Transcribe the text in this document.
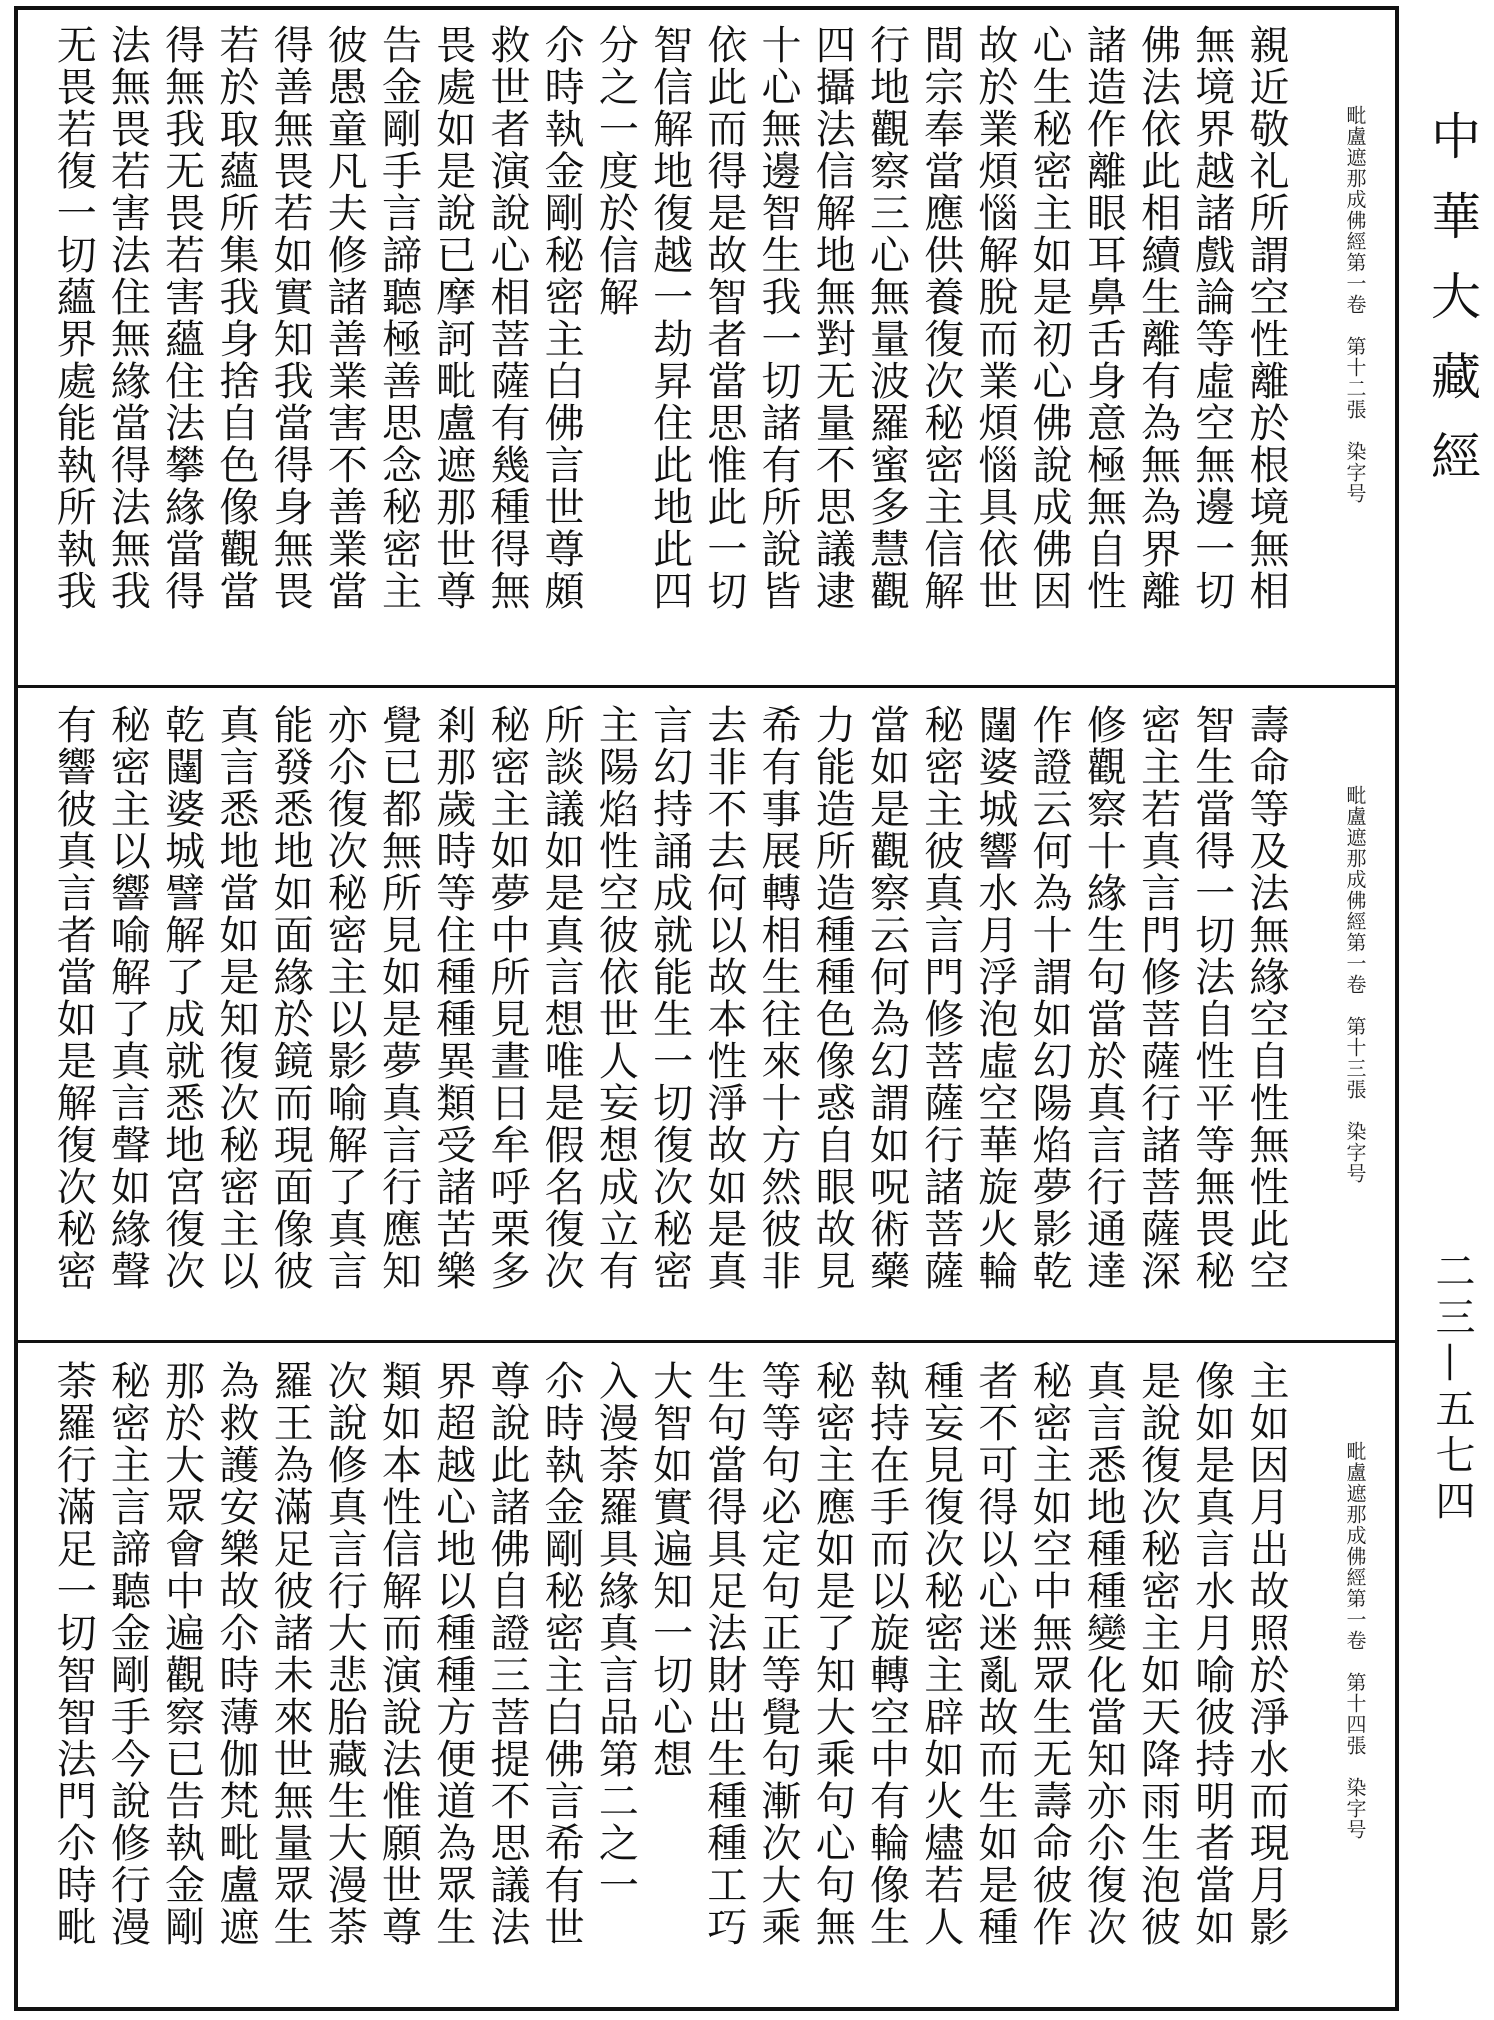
中華大藏經
二三—五七四
毗盧遮那成佛經第一卷　第十二張　染字号
親近敬礼所謂空性離於根境無相
無境界越諸戲論等虛空無邊一切
佛法依此相續生離有為無為界離
諸造作離眼耳鼻舌身意極無自性
心生秘密主如是初心佛說成佛因
故於業煩惱解脫而業煩惱具依世
間宗奉當應供養復次秘密主信解
行地觀察三心無量波羅蜜多慧觀
四攝法信解地無對无量不思議逮
十心無邊智生我一切諸有所說皆
依此而得是故智者當思惟此一切
智信解地復越一劫昇住此地此四
分之一度於信解
尒時執金剛秘密主白佛言世尊頗
救世者演說心相菩薩有幾種得無
畏處如是說已摩訶毗盧遮那世尊
告金剛手言諦聽極善思念秘密主
彼愚童凡夫修諸善業害不善業當
得善無畏若如實知我當得身無畏
若於取蘊所集我身捨自色像觀當
得無我无畏若害蘊住法攀緣當得
法無畏若害法住無緣當得法無我
无畏若復一切蘊界處能執所執我
毗盧遮那成佛經第一卷　第十三張　染字号
壽命等及法無緣空自性無性此空
智生當得一切法自性平等無畏秘
密主若真言門修菩薩行諸菩薩深
修觀察十緣生句當於真言行通達
作證云何為十謂如幻陽焰夢影乾
闥婆城響水月浮泡虛空華旋火輪
秘密主彼真言門修菩薩行諸菩薩
當如是觀察云何為幻謂如呪術藥
力能造所造種種色像惑自眼故見
希有事展轉相生往來十方然彼非
去非不去何以故本性淨故如是真
言幻持誦成就能生一切復次秘密
主陽焰性空彼依世人妄想成立有
所談議如是真言想唯是假名復次
秘密主如夢中所見晝日牟呼栗多
剎那歲時等住種種異類受諸苦樂
覺已都無所見如是夢真言行應知
亦尒復次秘密主以影喻解了真言
能發悉地如面緣於鏡而現面像彼
真言悉地當如是知復次秘密主以
乾闥婆城譬解了成就悉地宮復次
秘密主以響喻解了真言聲如緣聲
有響彼真言者當如是解復次秘密
毗盧遮那成佛經第一卷　第十四張　染字号
主如因月出故照於淨水而現月影
像如是真言水月喻彼持明者當如
是說復次秘密主如天降雨生泡彼
真言悉地種種變化當知亦尒復次
秘密主如空中無眾生无壽命彼作
者不可得以心迷亂故而生如是種
種妄見復次秘密主辟如火燼若人
執持在手而以旋轉空中有輪像生
秘密主應如是了知大乘句心句無
等等句必定句正等覺句漸次大乘
生句當得具足法財出生種種工巧
大智如實遍知一切心想
入漫荼羅具緣真言品第二之一
尒時執金剛秘密主白佛言希有世
尊說此諸佛自證三菩提不思議法
界超越心地以種種方便道為眾生
類如本性信解而演說法惟願世尊
次說修真言行大悲胎藏生大漫荼
羅王為滿足彼諸未來世無量眾生
為救護安樂故尒時薄伽梵毗盧遮
那於大眾會中遍觀察已告執金剛
秘密主言諦聽金剛手今說修行漫
荼羅行滿足一切智智法門尒時毗
